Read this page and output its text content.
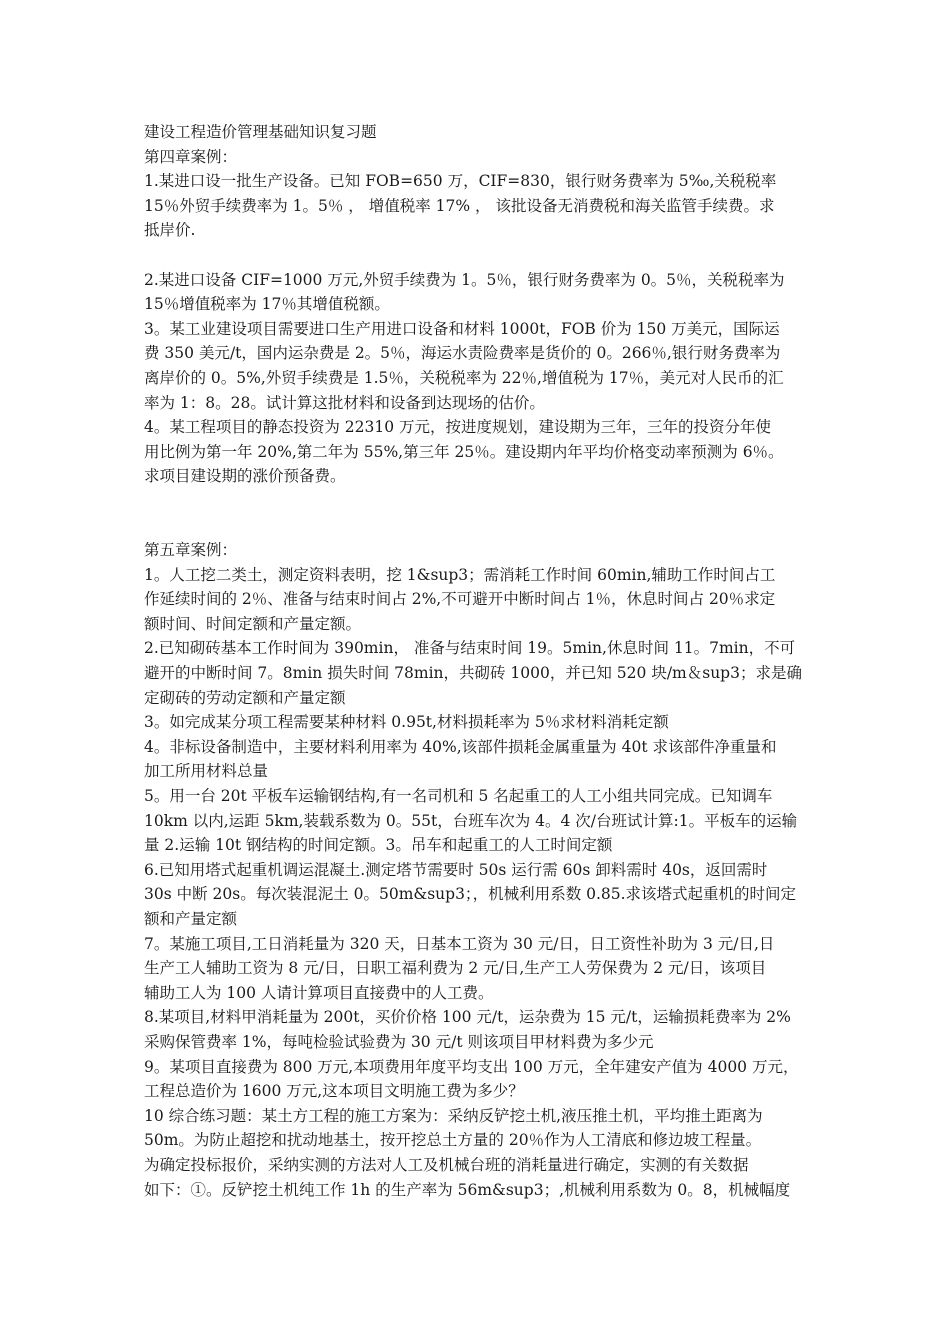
建设工程造价管理基础知识复习题
第四章案例：
1.某进口设一批生产设备。已知 FOB=650 万，CIF=830，银行财务费率为 5‰,关税税率
15％外贸手续费率为 1。5％ ， 增值税率 17% ， 该批设备无消费税和海关监管手续费。求
抵岸价.
2.某进口设备 CIF=1000 万元,外贸手续费为 1。5％，银行财务费率为 0。5％，关税税率为
15％增值税率为 17％其增值税额。
3。某工业建设项目需要进口生产用进口设备和材料 1000t，FOB 价为 150 万美元，国际运
费 350 美元/t，国内运杂费是 2。5％，海运水责险费率是货价的 0。266％,银行财务费率为
离岸价的 0。5%,外贸手续费是 1.5％，关税税率为 22％,增值税为 17％，美元对人民币的汇
率为 1：8。28。试计算这批材料和设备到达现场的估价。
4。某工程项目的静态投资为 22310 万元，按进度规划，建设期为三年，三年的投资分年使
用比例为第一年 20%,第二年为 55%,第三年 25％。建设期内年平均价格变动率预测为 6％。
求项目建设期的涨价预备费。
第五章案例：
1。人工挖二类土，测定资料表明，挖 1&sup3；需消耗工作时间 60min,辅助工作时间占工
作延续时间的 2％、准备与结束时间占 2%,不可避开中断时间占 1％，休息时间占 20％求定
额时间、时间定额和产量定额。
2.已知砌砖基本工作时间为 390min， 准备与结束时间 19。5min,休息时间 11。7min，不可
避开的中断时间 7。8min 损失时间 78min，共砌砖 1000，并已知 520 块/m＆sup3；求是确
定砌砖的劳动定额和产量定额
3。如完成某分项工程需要某种材料 0.95t,材料损耗率为 5％求材料消耗定额
4。非标设备制造中，主要材料利用率为 40%,该部件损耗金属重量为 40t 求该部件净重量和
加工所用材料总量
5。用一台 20t 平板车运输钢结构,有一名司机和 5 名起重工的人工小组共同完成。已知调车
10km 以内,运距 5km,装载系数为 0。55t，台班车次为 4。4 次/台班试计算:1。平板车的运输
量 2.运输 10t 钢结构的时间定额。3。吊车和起重工的人工时间定额
6.已知用塔式起重机调运混凝土.测定塔节需要时 50s 运行需 60s 卸料需时 40s，返回需时
30s 中断 20s。每次装混泥土 0。50m&sup3；，机械利用系数 0.85.求该塔式起重机的时间定
额和产量定额
7。某施工项目,工日消耗量为 320 天，日基本工资为 30 元/日，日工资性补助为 3 元/日,日
生产工人辅助工资为 8 元/日，日职工福利费为 2 元/日,生产工人劳保费为 2 元/日，该项目
辅助工人为 100 人请计算项目直接费中的人工费。
8.某项目,材料甲消耗量为 200t，买价价格 100 元/t，运杂费为 15 元/t，运输损耗费率为 2%
采购保管费率 1%，每吨检验试验费为 30 元/t 则该项目甲材料费为多少元
9。某项目直接费为 800 万元,本项费用年度平均支出 100 万元，全年建安产值为 4000 万元，
工程总造价为 1600 万元,这本项目文明施工费为多少？
10 综合练习题：某土方工程的施工方案为：采纳反铲挖土机,液压推土机，平均推土距离为
50m。为防止超挖和扰动地基土，按开挖总土方量的 20％作为人工清底和修边坡工程量。
为确定投标报价，采纳实测的方法对人工及机械台班的消耗量进行确定，实测的有关数据
如下：①。反铲挖土机纯工作 1h 的生产率为 56m&sup3；,机械利用系数为 0。8，机械幅度
